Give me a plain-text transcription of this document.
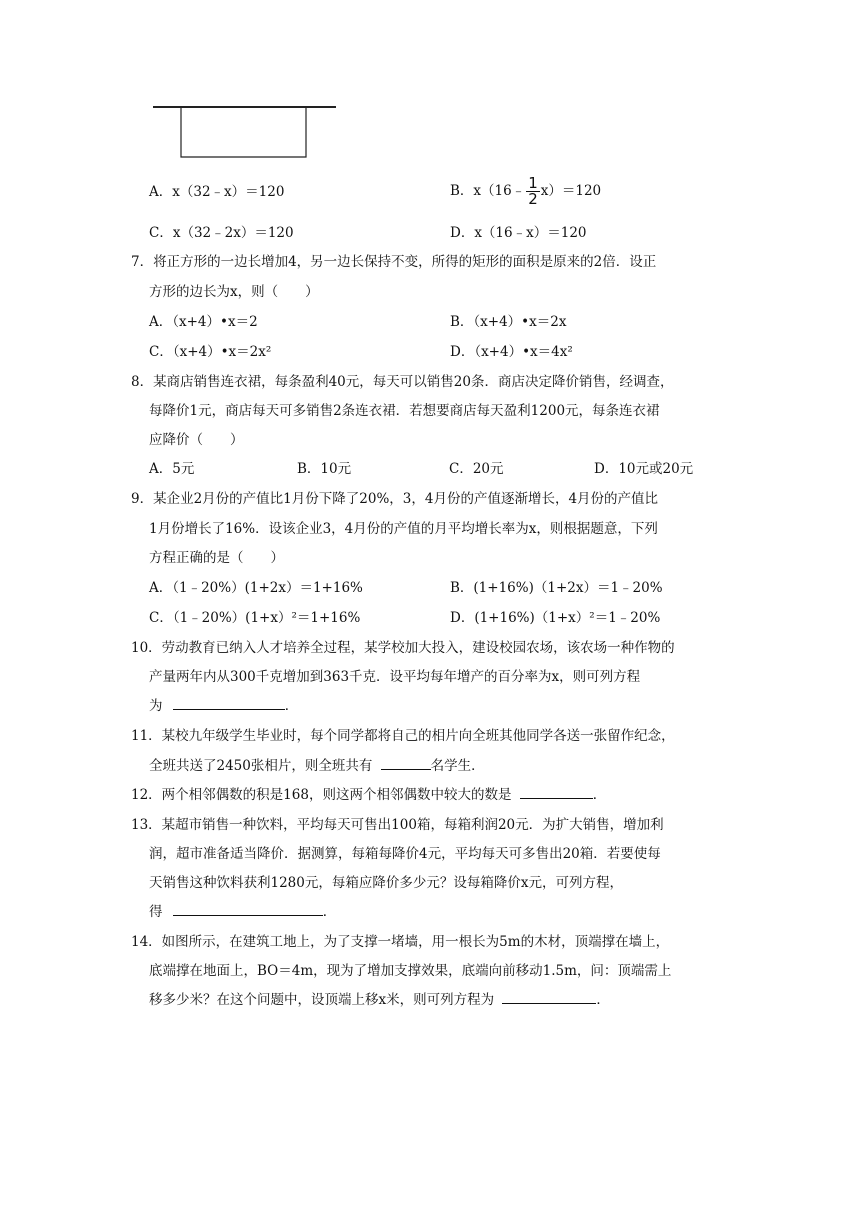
A．x（32﹣x）＝120	B．x（16﹣ $\frac{1}{2} x)=120$
C．x（32﹣2x）＝120	D．x（16﹣x）＝120
7．将正方形的一边长增加4，另一边长保持不变，所得的矩形的面积是原来的2倍．设正
方形的边长为x，则（　　）
A．（x+4）•x＝2	B．（x+4）•x＝2x
C．（x+4）•x＝2x²	D．（x+4）•x＝4x²
8．某商店销售连衣裙，每条盈利40元，每天可以销售20条．商店决定降价销售，经调查，
每降价1元，商店每天可多销售2条连衣裙．若想要商店每天盈利1200元，每条连衣裙
应降价（　　）
A．5元	B．10元	C．20元	D．10元或20元
9．某企业2月份的产值比1月份下降了20%，3，4月份的产值逐渐增长，4月份的产值比
1月份增长了16%．设该企业3，4月份的产值的月平均增长率为x，则根据题意，下列
方程正确的是（　　）
A．（1﹣20%）(1+2x）＝1+16%	B．(1+16%)（1+2x）＝1﹣20%
C．（1﹣20%）(1+x）²＝1+16%	D．(1+16%)（1+x）²＝1﹣20%
10．劳动教育已纳入人才培养全过程，某学校加大投入，建设校园农场，该农场一种作物的
产量两年内从300千克增加到363千克．设平均每年增产的百分率为x，则可列方程
为	．
11．某校九年级学生毕业时，每个同学都将自己的相片向全班其他同学各送一张留作纪念，
全班共送了2450张相片，则全班共有	名学生．
12．两个相邻偶数的积是168，则这两个相邻偶数中较大的数是	．
13．某超市销售一种饮料，平均每天可售出100箱，每箱利润20元．为扩大销售，增加利
润，超市准备适当降价．据测算，每箱每降价4元，平均每天可多售出20箱．若要使每
天销售这种饮料获利1280元，每箱应降价多少元？设每箱降价x元，可列方程，
得	．
14．如图所示，在建筑工地上，为了支撑一堵墙，用一根长为5m的木材，顶端撑在墙上，
底端撑在地面上，BO＝4m，现为了增加支撑效果，底端向前移动1.5m，问：顶端需上
移多少米？在这个问题中，设顶端上移x米，则可列方程为	．
